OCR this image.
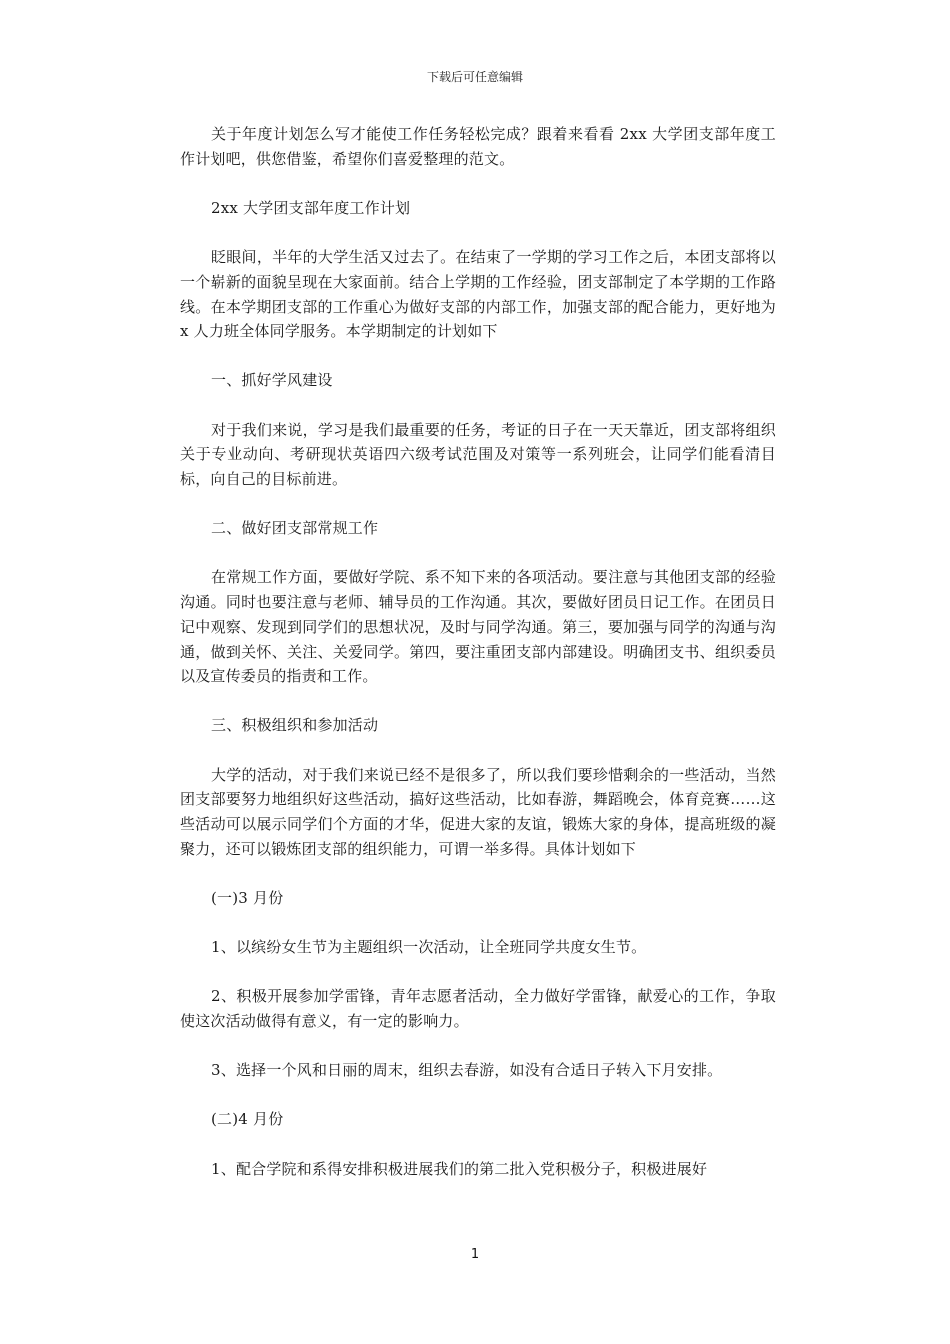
下载后可任意编辑

关于年度计划怎么写才能使工作任务轻松完成？跟着来看看 2xx 大学团支部年度工作计划吧，供您借鉴，希望你们喜爱整理的范文。

2xx 大学团支部年度工作计划

眨眼间，半年的大学生活又过去了。在结束了一学期的学习工作之后，本团支部将以一个崭新的面貌呈现在大家面前。结合上学期的工作经验，团支部制定了本学期的工作路线。在本学期团支部的工作重心为做好支部的内部工作，加强支部的配合能力，更好地为 x 人力班全体同学服务。本学期制定的计划如下

一、抓好学风建设

对于我们来说，学习是我们最重要的任务，考证的日子在一天天靠近，团支部将组织关于专业动向、考研现状英语四六级考试范围及对策等一系列班会，让同学们能看清目标，向自己的目标前进。

二、做好团支部常规工作

在常规工作方面，要做好学院、系不知下来的各项活动。要注意与其他团支部的经验沟通。同时也要注意与老师、辅导员的工作沟通。其次，要做好团员日记工作。在团员日记中观察、发现到同学们的思想状况，及时与同学沟通。第三，要加强与同学的沟通与沟通，做到关怀、关注、关爱同学。第四，要注重团支部内部建设。明确团支书、组织委员以及宣传委员的指责和工作。

三、积极组织和参加活动

大学的活动，对于我们来说已经不是很多了，所以我们要珍惜剩余的一些活动，当然团支部要努力地组织好这些活动，搞好这些活动，比如春游，舞蹈晚会，体育竞赛……这些活动可以展示同学们个方面的才华，促进大家的友谊，锻炼大家的身体，提高班级的凝聚力，还可以锻炼团支部的组织能力，可谓一举多得。具体计划如下

(一)3 月份

1、以缤纷女生节为主题组织一次活动，让全班同学共度女生节。

2、积极开展参加学雷锋，青年志愿者活动，全力做好学雷锋，献爱心的工作，争取使这次活动做得有意义，有一定的影响力。

3、选择一个风和日丽的周末，组织去春游，如没有合适日子转入下月安排。

(二)4 月份

1、配合学院和系得安排积极进展我们的第二批入党积极分子，积极进展好

1
